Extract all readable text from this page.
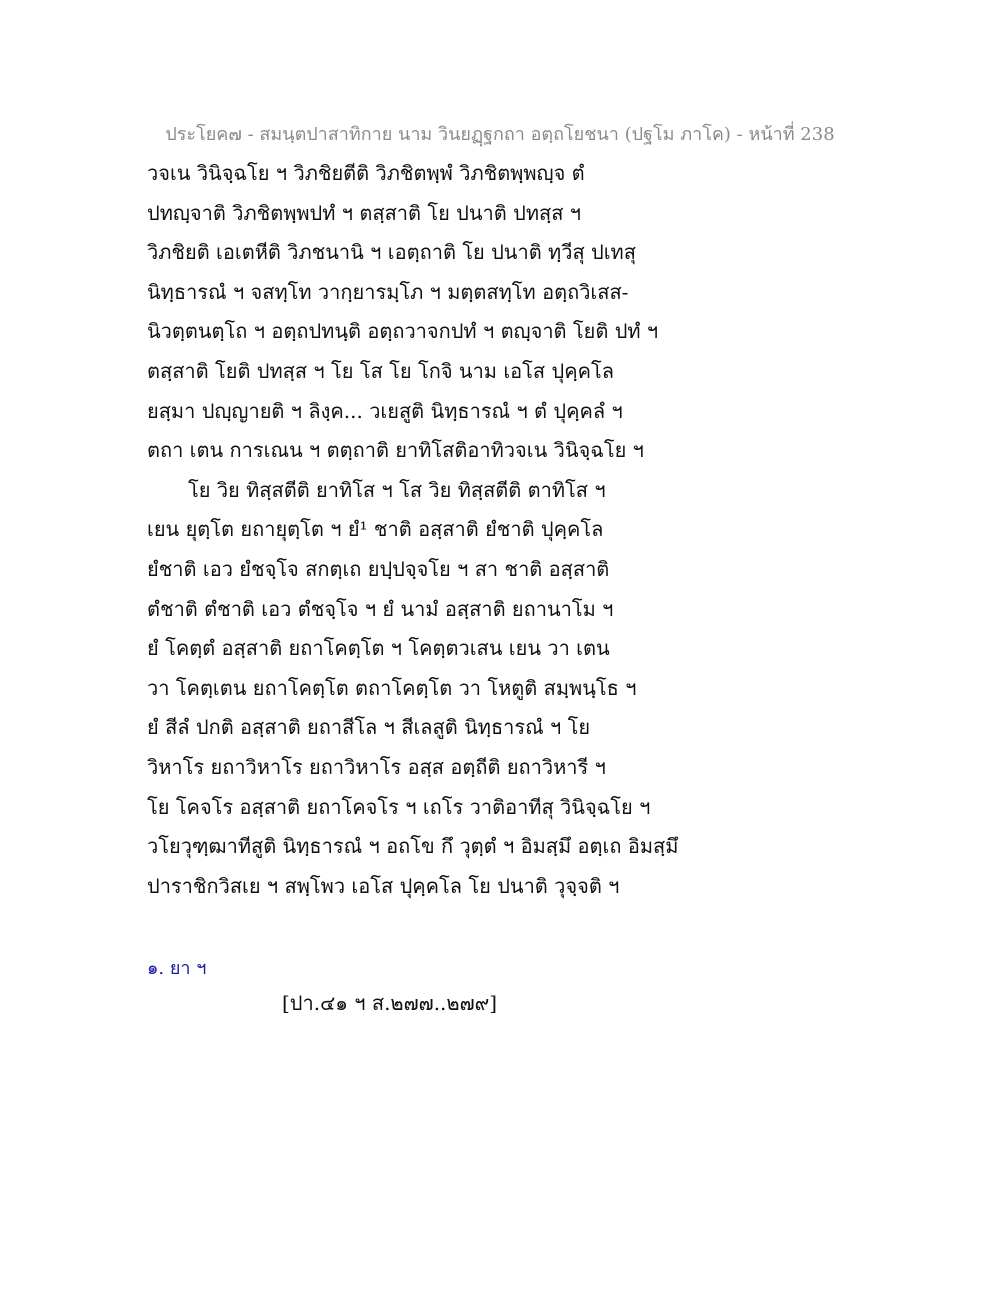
ประโยค๗ - สมนฺตปาสาทิกาย นาม วินยฏฺฐกถา อตฺถโยชนา (ปฐโม ภาโค) - หน้าที่ 238
วจเน วินิจฺฉโย ฯ วิภชิยตีติ วิภชิตพฺพํ วิภชิตพฺพญฺจ ตํ
ปทญฺจาติ วิภชิตพฺพปทํ ฯ ตสฺสาติ โย ปนาติ ปทสฺส ฯ
วิภชิยติ เอเตหีติ วิภชนานิ ฯ เอตฺถาติ โย ปนาติ ทฺวีสุ ปเทสุ
นิทฺธารณํ ฯ จสทฺโท วากฺยารมฺโภ ฯ มตฺตสทฺโท อตฺถวิเสส-
นิวตฺตนตฺโถ ฯ อตฺถปทนฺติ อตฺถวาจกปทํ ฯ ตญฺจาติ โยติ ปทํ ฯ
ตสฺสาติ โยติ ปทสฺส ฯ โย โส โย โกจิ นาม เอโส ปุคฺคโล
ยสฺมา ปญฺญายติ ฯ ลิงฺค... วเยสูติ นิทฺธารณํ ฯ ตํ ปุคฺคลํ ฯ
ตถา เตน การเณน ฯ ตตฺถาติ ยาทิโสติอาทิวจเน วินิจฺฉโย ฯ
โย วิย ทิสฺสตีติ ยาทิโส ฯ โส วิย ทิสฺสตีติ ตาทิโส ฯ
เยน ยุตฺโต ยถายุตฺโต ฯ ยํ¹ ชาติ อสฺสาติ ยํชาติ ปุคฺคโล
ยํชาติ เอว ยํชจฺโจ สกตฺเถ ยปฺปจฺจโย ฯ สา ชาติ อสฺสาติ
ตํชาติ ตํชาติ เอว ตํชจฺโจ ฯ ยํ นามํ อสฺสาติ ยถานาโม ฯ
ยํ โคตฺตํ อสฺสาติ ยถาโคตฺโต ฯ โคตฺตวเสน เยน วา เตน
วา โคตฺเตน ยถาโคตฺโต ตถาโคตฺโต วา โหตูติ สมฺพนฺโธ ฯ
ยํ สีลํ ปกติ อสฺสาติ ยถาสีโล ฯ สีเลสูติ นิทฺธารณํ ฯ โย
วิหาโร ยถาวิหาโร ยถาวิหาโร อสฺส อตฺถีติ ยถาวิหารี ฯ
โย โคจโร อสฺสาติ ยถาโคจโร ฯ เถโร วาติอาทีสุ วินิจฺฉโย ฯ
วโยวุฑฺฒาทีสูติ นิทฺธารณํ ฯ อถโข กึ วุตฺตํ ฯ อิมสฺมึ อตฺเถ อิมสฺมึ
ปาราชิกวิสเย ฯ สพฺโพว เอโส ปุคฺคโล โย ปนาติ วุจฺจติ ฯ
๑. ยา ฯ
[ปา.๔๑ ฯ ส.๒๗๗..๒๗๙]
